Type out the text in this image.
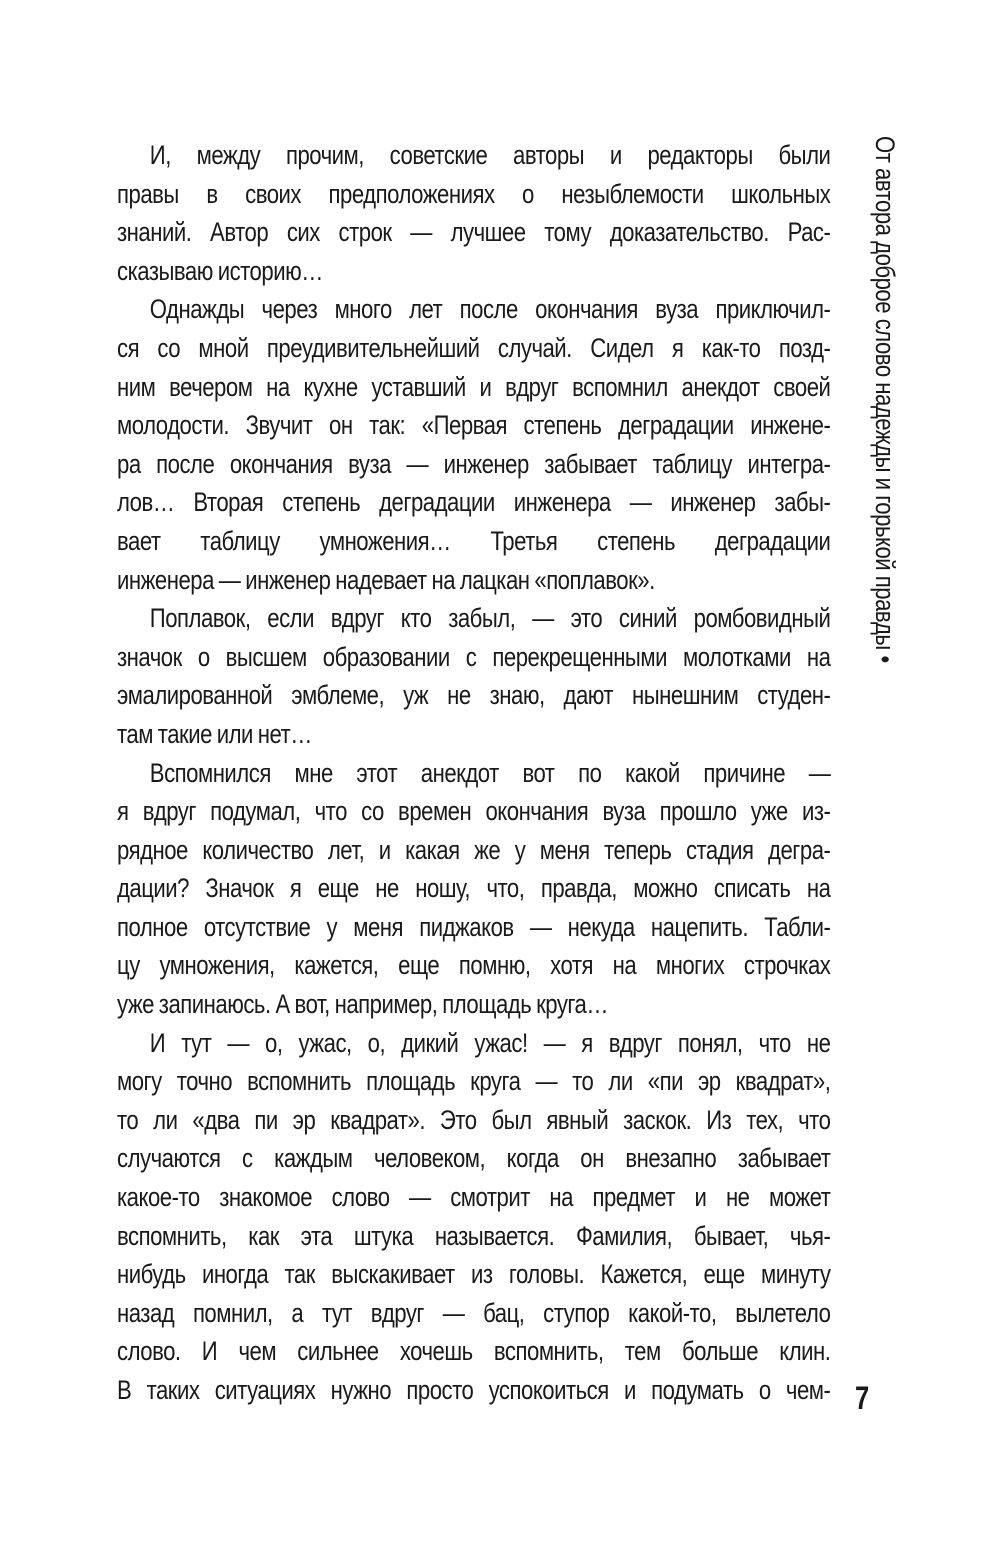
И, между прочим, советские авторы и редакторы были
правы в своих предположениях о незыблемости школьных
знаний. Автор сих строк — лучшее тому доказательство. Рас-
сказываю историю…
Однажды через много лет после окончания вуза приключил-
ся со мной преудивительнейший случай. Сидел я как-то позд-
ним вечером на кухне уставший и вдруг вспомнил анекдот своей
молодости. Звучит он так: «Первая степень деградации инжене-
ра после окончания вуза — инженер забывает таблицу интегра-
лов… Вторая степень деградации инженера — инженер забы-
вает таблицу умножения… Третья степень деградации
инженера — инженер надевает на лацкан «поплавок».
Поплавок, если вдруг кто забыл, — это синий ромбовидный
значок о высшем образовании с перекрещенными молотками на
эмалированной эмблеме, уж не знаю, дают нынешним студен-
там такие или нет…
Вспомнился мне этот анекдот вот по какой причине —
я вдруг подумал, что со времен окончания вуза прошло уже из-
рядное количество лет, и какая же у меня теперь стадия дегра-
дации? Значок я еще не ношу, что, правда, можно списать на
полное отсутствие у меня пиджаков — некуда нацепить. Табли-
цу умножения, кажется, еще помню, хотя на многих строчках
уже запинаюсь. А вот, например, площадь круга…
И тут — о, ужас, о, дикий ужас! — я вдруг понял, что не
могу точно вспомнить площадь круга — то ли «пи эр квадрат»,
то ли «два пи эр квадрат». Это был явный заскок. Из тех, что
случаются с каждым человеком, когда он внезапно забывает
какое-то знакомое слово — смотрит на предмет и не может
вспомнить, как эта штука называется. Фамилия, бывает, чья-
нибудь иногда так выскакивает из головы. Кажется, еще минуту
назад помнил, а тут вдруг — бац, ступор какой-то, вылетело
слово. И чем сильнее хочешь вспомнить, тем больше клин.
В таких ситуациях нужно просто успокоиться и подумать о чем-
От автора доброе слово надежды и горькой правды •
7
